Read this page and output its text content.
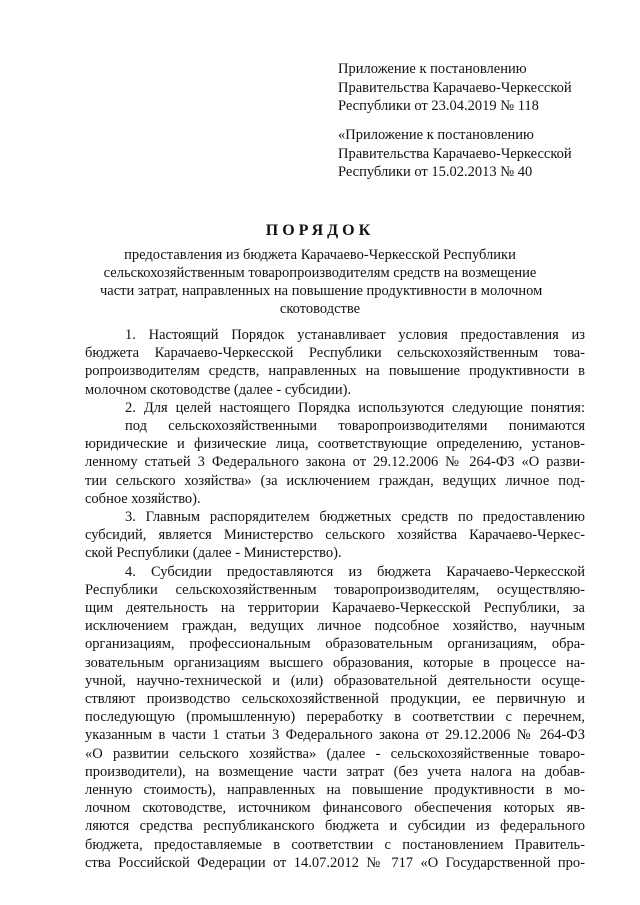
Приложение к постановлению
Правительства Карачаево-Черкесской
Республики от 23.04.2019 № 118
«Приложение к постановлению
Правительства Карачаево-Черкесской
Республики от 15.02.2013 № 40
ПОРЯДОК
предоставления из бюджета Карачаево-Черкесской Республики
сельскохозяйственным товаропроизводителям средств на возмещение
части затрат, направленных на повышение продуктивности в молочном
скотоводстве
1. Настоящий Порядок устанавливает условия предоставления из
бюджета Карачаево-Черкесской Республики сельскохозяйственным това-
ропроизводителям средств, направленных на повышение продуктивности в
молочном скотоводстве (далее - субсидии).
2. Для целей настоящего Порядка используются следующие понятия:
под сельскохозяйственными товаропроизводителями понимаются
юридические и физические лица, соответствующие определению, установ-
ленному статьей 3 Федерального закона от 29.12.2006 № 264-ФЗ «О разви-
тии сельского хозяйства» (за исключением граждан, ведущих личное под-
собное хозяйство).
3. Главным распорядителем бюджетных средств по предоставлению
субсидий, является Министерство сельского хозяйства Карачаево-Черкес-
ской Республики (далее - Министерство).
4. Субсидии предоставляются из бюджета Карачаево-Черкесской
Республики сельскохозяйственным товаропроизводителям, осуществляю-
щим деятельность на территории Карачаево-Черкесской Республики, за
исключением граждан, ведущих личное подсобное хозяйство, научным
организациям, профессиональным образовательным организациям, обра-
зовательным организациям высшего образования, которые в процессе на-
учной, научно-технической и (или) образовательной деятельности осуще-
ствляют производство сельскохозяйственной продукции, ее первичную и
последующую (промышленную) переработку в соответствии с перечнем,
указанным в части 1 статьи 3 Федерального закона от 29.12.2006 № 264-ФЗ
«О развитии сельского хозяйства» (далее - сельскохозяйственные товаро-
производители), на возмещение части затрат (без учета налога на добав-
ленную стоимость), направленных на повышение продуктивности в мо-
лочном скотоводстве, источником финансового обеспечения которых яв-
ляются средства республиканского бюджета и субсидии из федерального
бюджета, предоставляемые в соответствии с постановлением Правитель-
ства Российской Федерации от 14.07.2012 № 717 «О Государственной про-
